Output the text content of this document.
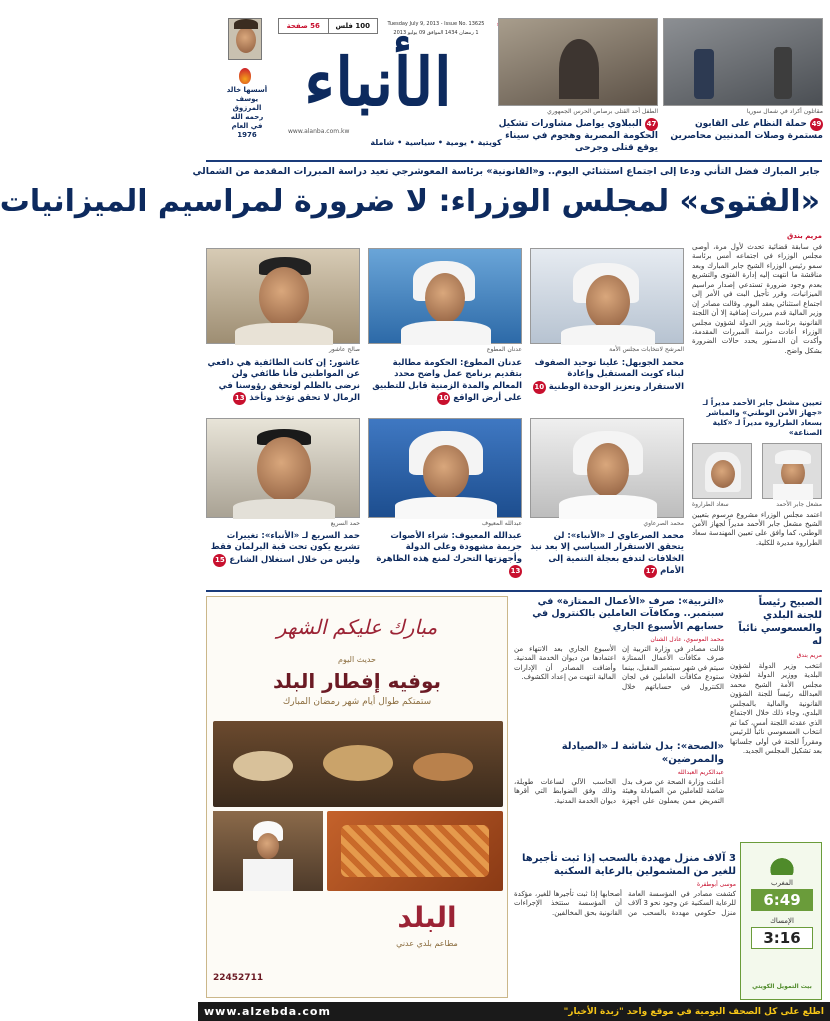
أسسها خالد يوسف المرزوق رحمه الله في العام 1976
100 فلس
56 صفحة	Tuesday July 9, 2013 - Issue No. 13625
1 رمضان 1434 الموافق 09 يوليو 2013
الأنباء
www.alanba.com.kw
كويتية • يومية • سياسية • شاملة
مقاتلون أكراد في شمال سوريا
49 حملة النظام على القابون مستمرة وصلات المدنيين محاصرين
الطفل أحد القتلى برصاص الحرس الجمهوري
47 الببلاوي يواصل مشاورات تشكيل الحكومة المصرية وهجوم في سيناء يوقع قتلى وجرحى
جابر المبارك فضل التأني ودعا إلى اجتماع استثنائي اليوم.. و«القانونية» برئاسة المعوشرجي تعيد دراسة المبررات المقدمة من الشمالي
«الفتوى» لمجلس الوزراء: لا ضرورة لمراسيم الميزانيات
مريم بندق
في سابقة قضائية تحدث لأول مرة، أوصى مجلس الوزراء في اجتماعه أمس برئاسة سمو رئيس الوزراء الشيخ جابر المبارك وبعد مناقشة ما انتهت إليه إدارة الفتوى والتشريع بعدم وجود ضرورة تستدعي إصدار مراسيم الميزانيات، وقرر تأجيل البت في الأمر إلى اجتماع استثنائي يعقد اليوم. وقالت مصادر إن وزير المالية قدم مبررات إضافية إلا أن اللجنة القانونية برئاسة وزير الدولة لشؤون مجلس الوزراء أعادت دراسة المبررات المقدمة، وأكدت أن الدستور يحدد حالات الضرورة بشكل واضح.
تعيين مشعل جابر الأحمد مديراً لـ «جهاز الأمن الوطني» والمباشر بسعاد الطراروة مديراً لـ «كلية الصناعة»
مشعل جابر الأحمد
سعاد الطراروة
اعتمد مجلس الوزراء مشروع مرسوم بتعيين الشيخ مشعل جابر الأحمد مديراً لجهاز الأمن الوطني، كما وافق على تعيين المهندسة سعاد الطراروة مديرة للكلية.
المرشح لانتخابات مجلس الأمة
محمد الجويهل: علينا توحيد الصفوف لبناء كويت المستقبل وإعادة الاستقرار وتعزيز الوحدة الوطنية 10
عدنان المطوع
عدنان المطوع: الحكومة مطالبة بتقديم برنامج عمل واضح محدد المعالم والمدة الزمنية قابل للتطبيق على أرض الواقع 10
صالح عاشور
عاشور: إن كانت الطائفية هي دافعي عن المواطنين فأنا طائفي ولن نرضى بالظلم لوتحقق رؤوسنا في الرمال لا تحقق تؤخذ وتأخذ 13
محمد الصرعاوي
محمد الصرعاوي لـ «الأنباء»: لن يتحقق الاستقرار السياسي إلا بعد نبذ الخلافات لتدفع بعجلة التنمية إلى الأمام 17
عبدالله المعيوف
عبدالله المعيوف: شراء الأصوات جريمة مشهودة وعلى الدولة وأجهزتها التحرك لمنع هذه الظاهرة 13
حمد السريع
حمد السريع لـ «الأنباء»: تغييرات تشريع يكون تحت قبة البرلمان فقط وليس من خلال استغلال الشارع 15
الصبيح رئيساً للجنة البلدي والعسعوسي نائباً له
مريم بندق
انتخب وزير الدولة لشؤون البلدية ووزير الدولة لشؤون مجلس الأمة الشيخ محمد العبدالله رئيساً للجنة الشؤون القانونية والمالية بالمجلس البلدي، وجاء ذلك خلال الاجتماع الذي عقدته اللجنة أمس، كما تم انتخاب العسعوسي نائباً للرئيس ومقرراً للجنة في أولى جلساتها بعد تشكيل المجلس الجديد.
المغرب
6:49
الإمساك
3:16
بيت التمويل الكويتي
«التربية»: صرف «الأعمال الممتازة» في سبتمبر.. ومكافآت العاملين بالكنترول في حسابهم الأسبوع الجاري
محمد الموسوي، عادل الشنان
قالت مصادر في وزارة التربية إن صرف مكافآت الأعمال الممتازة سيتم في شهر سبتمبر المقبل، بينما ستودع مكافآت العاملين في لجان الكنترول في حساباتهم خلال الأسبوع الجاري بعد الانتهاء من اعتمادها من ديوان الخدمة المدنية. وأضافت المصادر أن الإدارات المالية انتهت من إعداد الكشوف.
«الصحة»: بدل شاشة لـ «الصيادلة والممرضين»
عبدالكريم العبدالله
أعلنت وزارة الصحة عن صرف بدل شاشة للعاملين من الصيادلة وهيئة التمريض ممن يعملون على أجهزة الحاسب الآلي لساعات طويلة، وذلك وفق الضوابط التي أقرها ديوان الخدمة المدنية.
3 آلاف منزل مهددة بالسحب إذا ثبت تأجيرها للغير من المشمولين بالرعاية السكنية
موسى أبوطفرة
كشفت مصادر في المؤسسة العامة للرعاية السكنية عن وجود نحو 3 آلاف منزل حكومي مهددة بالسحب من أصحابها إذا ثبت تأجيرها للغير، مؤكدة أن المؤسسة ستتخذ الإجراءات القانونية بحق المخالفين.
مبارك عليكم الشهر
حديث اليوم
بوفيه إفطار البلد
ستمتكم طوال أيام شهر رمضان المبارك
البلد
مطاعم بلدي عدني
22452711
اطلع على كل الصحف اليومية في موقع واحد "زبدة الأخبار"
www.alzebda.com
